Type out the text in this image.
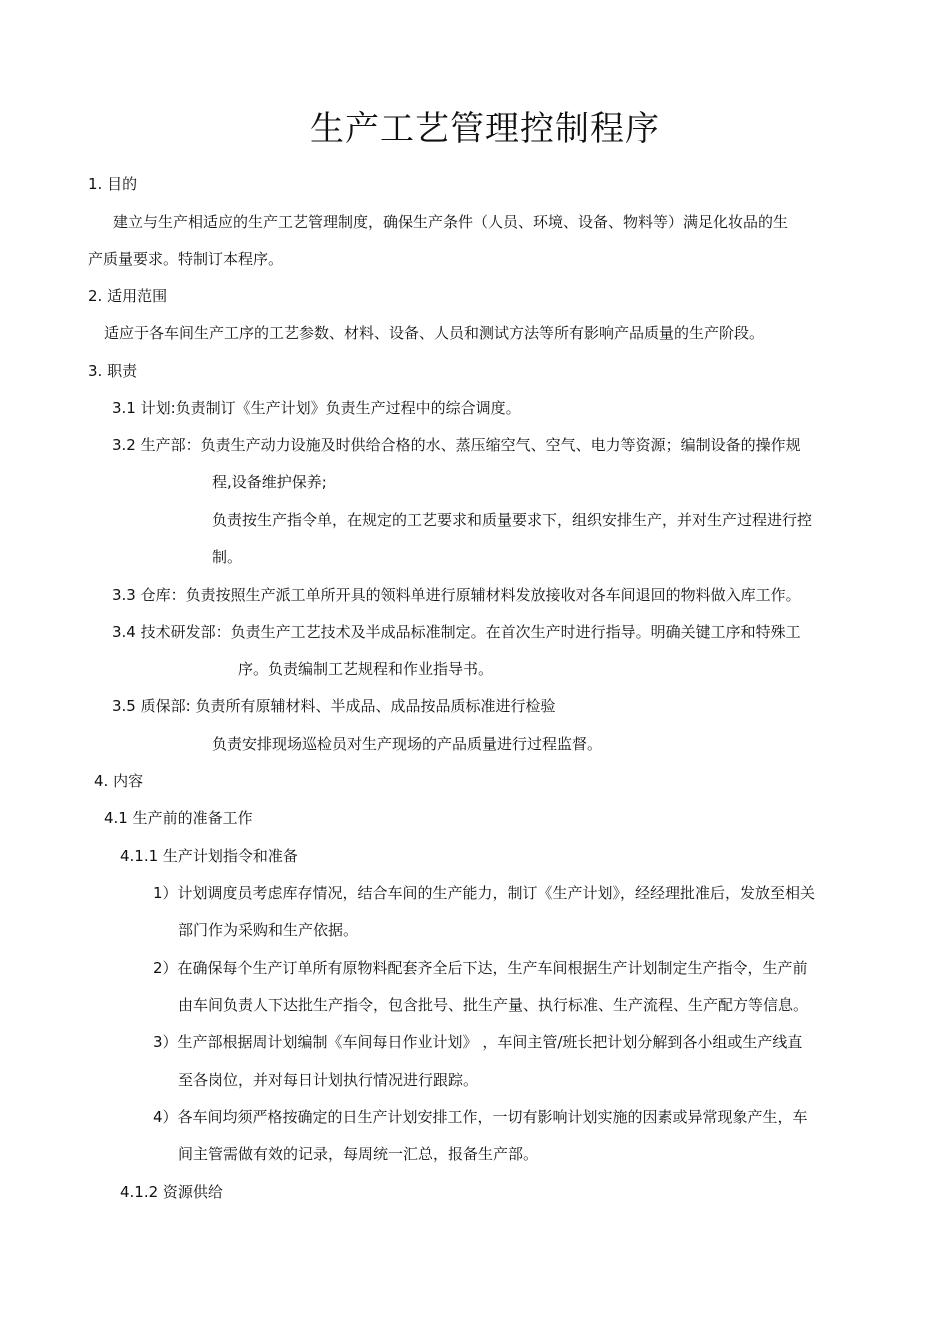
生产工艺管理控制程序
1. 目的
建立与生产相适应的生产工艺管理制度，确保生产条件（人员、环境、设备、物料等）满足化妆品的生
产质量要求。特制订本程序。
2. 适用范围
适应于各车间生产工序的工艺参数、材料、设备、人员和测试方法等所有影响产品质量的生产阶段。
3. 职责
3.1 计划:负责制订《生产计划》负责生产过程中的综合调度。
3.2 生产部：负责生产动力设施及时供给合格的水、蒸压缩空气、空气、电力等资源；编制设备的操作规
程,设备维护保养;
负责按生产指令单，在规定的工艺要求和质量要求下，组织安排生产，并对生产过程进行控
制。
3.3 仓库：负责按照生产派工单所开具的领料单进行原辅材料发放接收对各车间退回的物料做入库工作。
3.4 技术研发部：负责生产工艺技术及半成品标准制定。在首次生产时进行指导。明确关键工序和特殊工
序。负责编制工艺规程和作业指导书。
3.5 质保部: 负责所有原辅材料、半成品、成品按品质标准进行检验
负责安排现场巡检员对生产现场的产品质量进行过程监督。
4. 内容
4.1 生产前的准备工作
4.1.1 生产计划指令和准备
1）计划调度员考虑库存情况，结合车间的生产能力，制订《生产计划》，经经理批准后，发放至相关
部门作为采购和生产依据。
2）在确保每个生产订单所有原物料配套齐全后下达，生产车间根据生产计划制定生产指令，生产前
由车间负责人下达批生产指令，包含批号、批生产量、执行标准、生产流程、生产配方等信息。
3）生产部根据周计划编制《车间每日作业计划》 ，车间主管/班长把计划分解到各小组或生产线直
至各岗位，并对每日计划执行情况进行跟踪。
4）各车间均须严格按确定的日生产计划安排工作，一切有影响计划实施的因素或异常现象产生，车
间主管需做有效的记录，每周统一汇总，报备生产部。
4.1.2 资源供给
